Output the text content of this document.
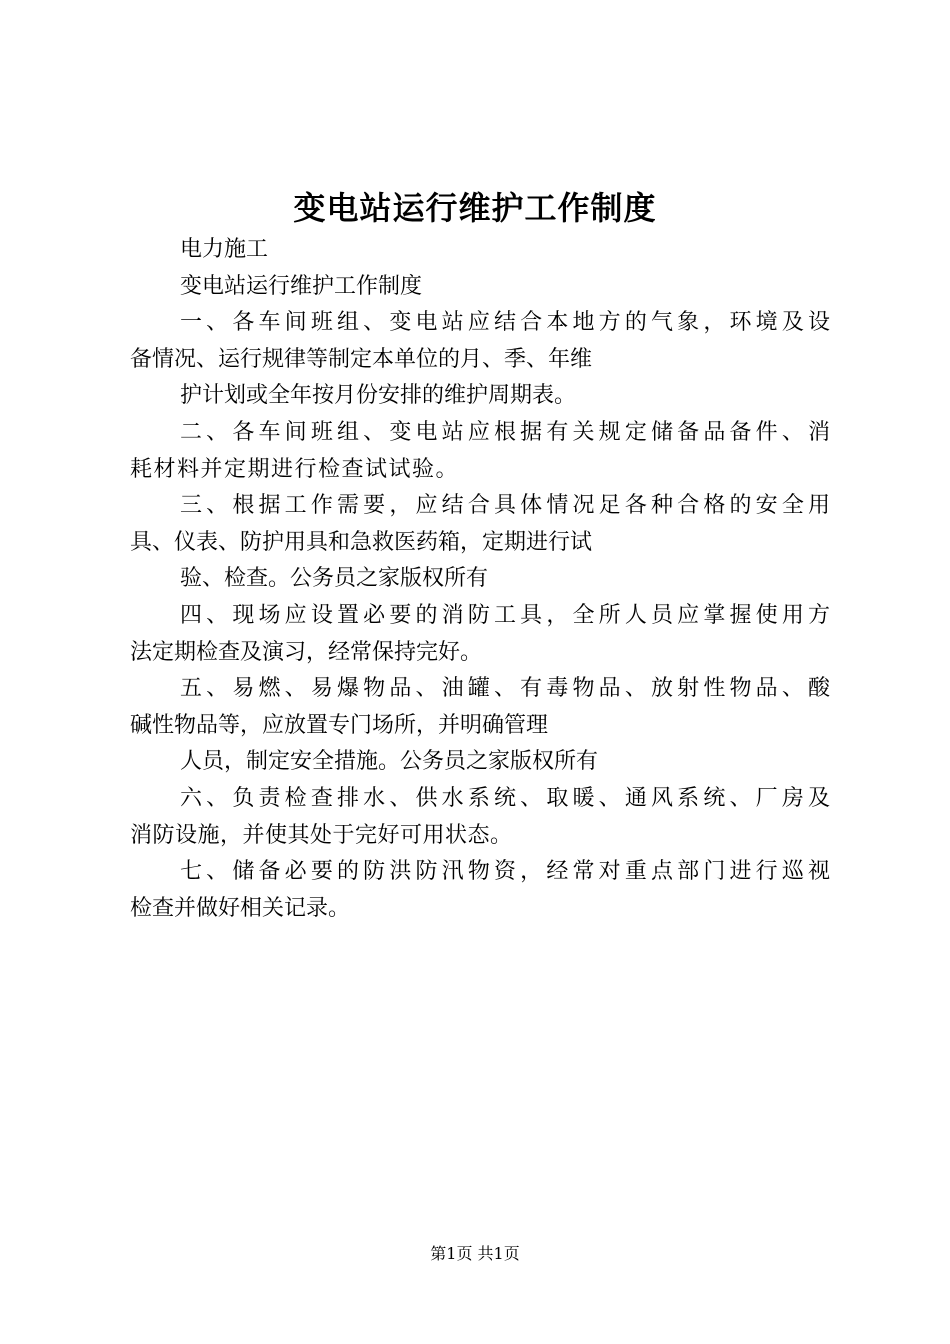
变电站运行维护工作制度
电力施工
变电站运行维护工作制度
一、各车间班组、变电站应结合本地方的气象，环境及设
备情况、运行规律等制定本单位的月、季、年维
护计划或全年按月份安排的维护周期表。
二、各车间班组、变电站应根据有关规定储备品备件、消
耗材料并定期进行检查试试验。
三、根据工作需要，应结合具体情况足各种合格的安全用
具、仪表、防护用具和急救医药箱，定期进行试
验、检查。公务员之家版权所有
四、现场应设置必要的消防工具，全所人员应掌握使用方
法定期检查及演习，经常保持完好。
五、易燃、易爆物品、油罐、有毒物品、放射性物品、酸
碱性物品等，应放置专门场所，并明确管理
人员，制定安全措施。公务员之家版权所有
六、负责检查排水、供水系统、取暖、通风系统、厂房及
消防设施，并使其处于完好可用状态。
七、储备必要的防洪防汛物资，经常对重点部门进行巡视
检查并做好相关记录。
第1页 共1页
